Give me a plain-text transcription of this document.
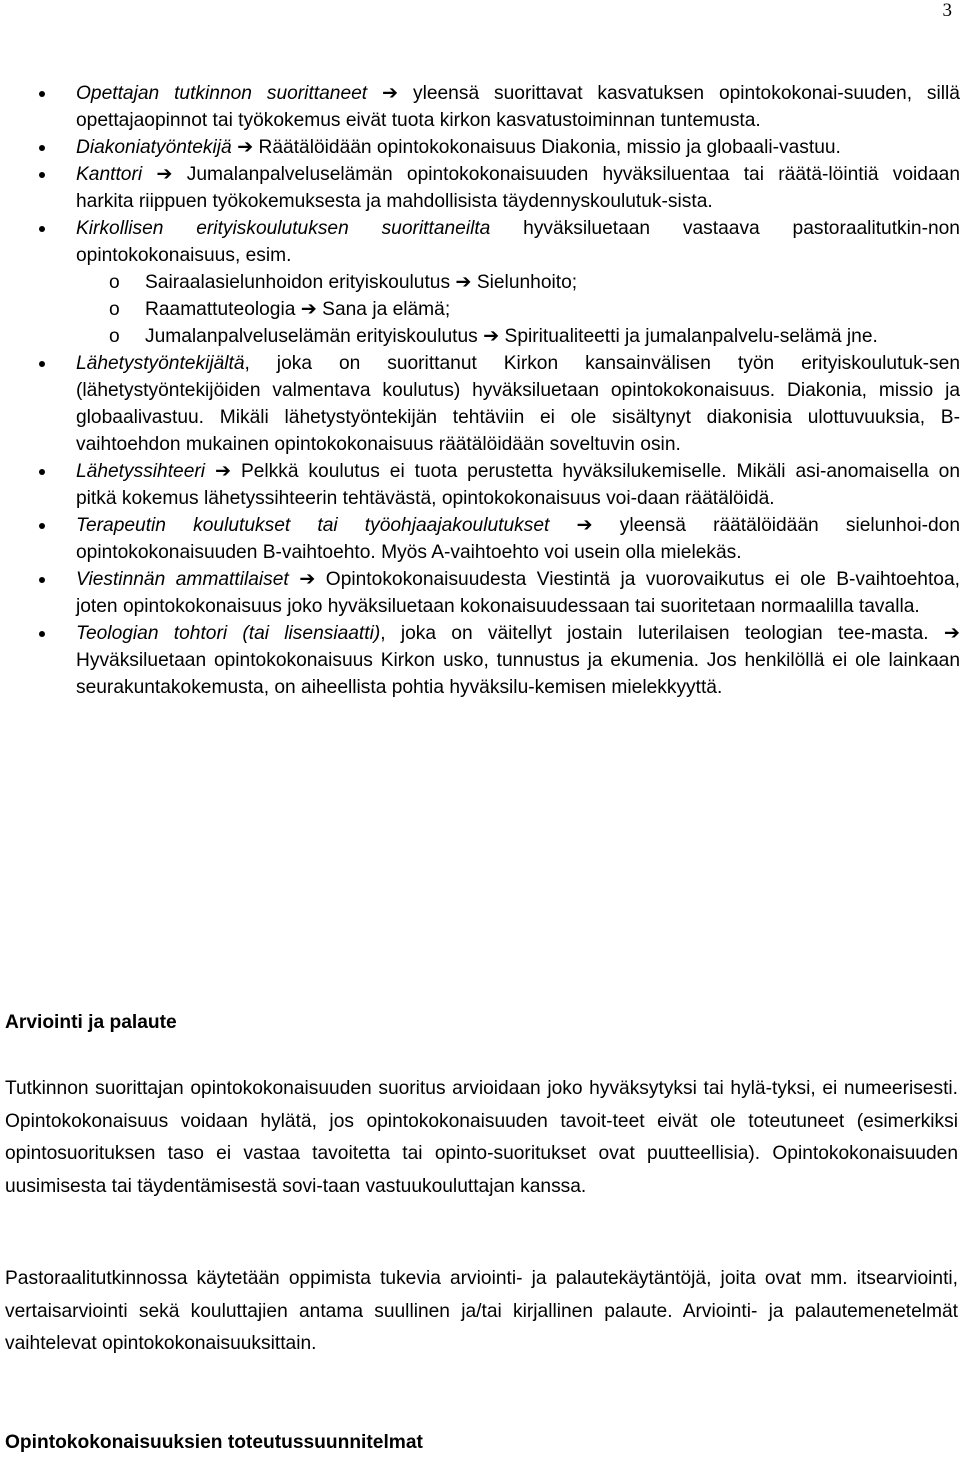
3
Opettajan tutkinnon suorittaneet ➔ yleensä suorittavat kasvatuksen opintokokonai-suuden, sillä opettajaopinnot tai työkokemus eivät tuota kirkon kasvatustoiminnan tuntemusta.
Diakoniatyöntekijä ➔ Räätälöidään opintokokonaisuus Diakonia, missio ja globaali-vastuu.
Kanttori ➔ Jumalanpalveluselämän opintokokonaisuuden hyväksiluentaa tai räätä-löintiä voidaan harkita riippuen työkokemuksesta ja mahdollisista täydennyskoulutuk-sista.
Kirkollisen erityiskoulutuksen suorittaneilta hyväksiluetaan vastaava pastoraalitutkin-non opintokokonaisuus, esim.
o Sairaalasielunhoidon erityiskoulutus ➔ Sielunhoito;
o Raamattuteologia ➔ Sana ja elämä;
o Jumalanpalveluselämän erityiskoulutus ➔ Spiritualiteetti ja jumalanpalvelu-selämä jne.
Lähetystyöntekijältä, joka on suorittanut Kirkon kansainvälisen työn erityiskoulutuk-sen (lähetystyöntekijöiden valmentava koulutus) hyväksiluetaan opintokokonaisuus. Diakonia, missio ja globaalivastuu. Mikäli lähetystyöntekijän tehtäviin ei ole sisältynyt diakonisia ulottuvuuksia, B-vaihtoehdon mukainen opintokokonaisuus räätälöidään soveltuvin osin.
Lähetyssihteeri ➔ Pelkkä koulutus ei tuota perustetta hyväksilukemiselle. Mikäli asi-anomaisella on pitkä kokemus lähetyssihteerin tehtävästä, opintokokonaisuus voi-daan räätälöidä.
Terapeutin koulutukset tai työohjaajakoulutukset ➔ yleensä räätälöidään sielunhoi-don opintokokonaisuuden B-vaihtoehto. Myös A-vaihtoehto voi usein olla mielekäs.
Viestinnän ammattilaiset ➔ Opintokokonaisuudesta Viestintä ja vuorovaikutus ei ole B-vaihtoehtoa, joten opintokokonaisuus joko hyväksiluetaan kokonaisuudessaan tai suoritetaan normaalilla tavalla.
Teologian tohtori (tai lisensiaatti), joka on väitellyt jostain luterilaisen teologian tee-masta. ➔ Hyväksiluetaan opintokokonaisuus Kirkon usko, tunnustus ja ekumenia. Jos henkilöllä ei ole lainkaan seurakuntakokemusta, on aiheellista pohtia hyväksilu-kemisen mielekkyyttä.
Arviointi ja palaute

Tutkinnon suorittajan opintokokonaisuuden suoritus arvioidaan joko hyväksytyksi tai hylä-tyksi, ei numeerisesti. Opintokokonaisuus voidaan hylätä, jos opintokokonaisuuden tavoit-teet eivät ole toteutuneet (esimerkiksi opintosuorituksen taso ei vastaa tavoitetta tai opinto-suoritukset ovat puutteellisia). Opintokokonaisuuden uusimisesta tai täydentämisestä sovi-taan vastuukouluttajan kanssa.

Pastoraalitutkinnossa käytetään oppimista tukevia arviointi- ja palautekäytäntöjä, joita ovat mm. itsearviointi, vertaisarviointi sekä kouluttajien antama suullinen ja/tai kirjallinen palaute. Arviointi- ja palautemenetelmät vaihtelevat opintokokonaisuuksittain.

Opintokokonaisuuksien toteutussuunnitelmat
